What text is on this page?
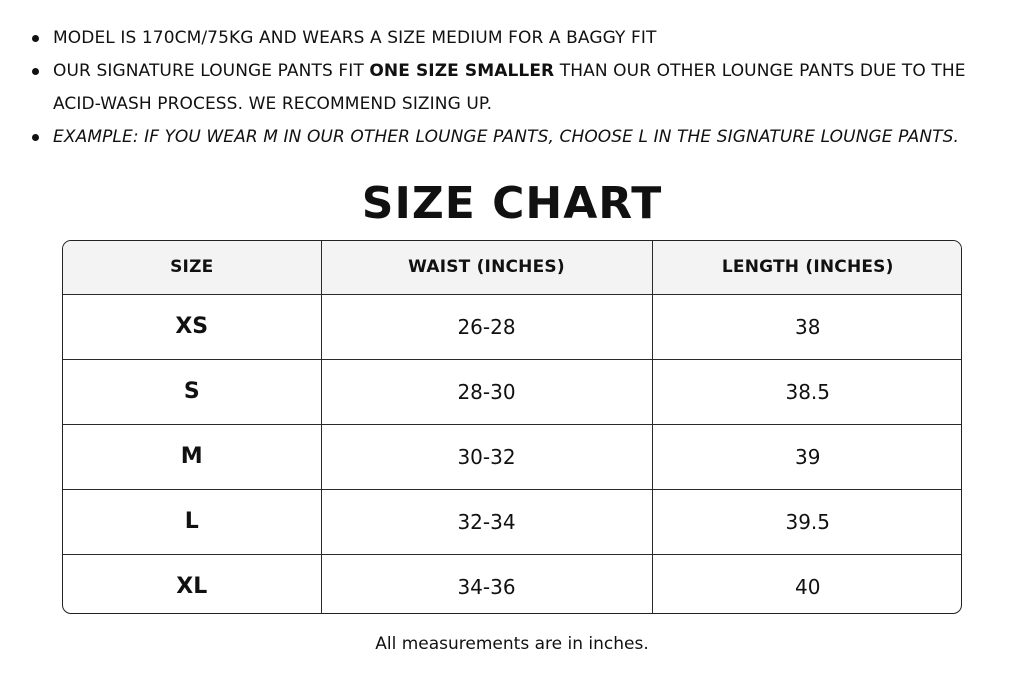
MODEL IS 170CM/75KG AND WEARS A SIZE MEDIUM FOR A BAGGY FIT
OUR SIGNATURE LOUNGE PANTS FIT ONE SIZE SMALLER THAN OUR OTHER LOUNGE PANTS DUE TO THE ACID-WASH PROCESS. WE RECOMMEND SIZING UP.
EXAMPLE: IF YOU WEAR M IN OUR OTHER LOUNGE PANTS, CHOOSE L IN THE SIGNATURE LOUNGE PANTS.
SIZE CHART
SIZE	WAIST (INCHES)	LENGTH (INCHES)
XS	26-28	38
S	28-30	38.5
M	30-32	39
L	32-34	39.5
XL	34-36	40

All measurements are in inches.
